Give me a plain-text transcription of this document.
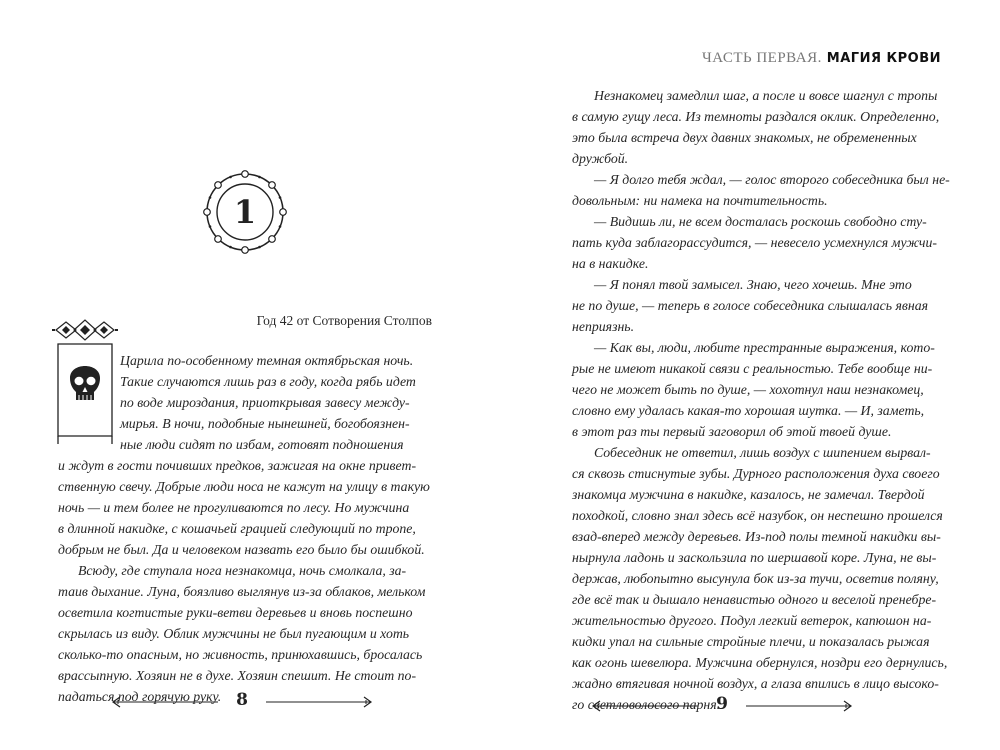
1
Год 42 от Сотворения Столпов
Царила по-особенному темная октябрьская ночь.
Такие случаются лишь раз в году, когда рябь идет
по воде мироздания, приоткрывая завесу между-
мирья. В ночи, подобные нынешней, богобоязнен-
ные люди сидят по избам, готовят подношения
и ждут в гости почивших предков, зажигая на окне привет-
ственную свечу. Добрые люди носа не кажут на улицу в такую
ночь — и тем более не прогуливаются по лесу. Но мужчина
в длинной накидке, с кошачьей грацией следующий по тропе,
добрым не был. Да и человеком назвать его было бы ошибкой.
Всюду, где ступала нога незнакомца, ночь смолкала, за-
таив дыхание. Луна, боязливо выглянув из-за облаков, мельком
осветила когтистые руки-ветви деревьев и вновь поспешно
скрылась из виду. Облик мужчины не был пугающим и хоть
сколько-то опасным, но живность, принюхавшись, бросалась
врассыпную. Хозяин не в духе. Хозяин спешит. Не стоит по-
падаться под горячую руку. 8
ЧАСТЬ ПЕРВАЯ. МАГИЯ КРОВИ
Незнакомец замедлил шаг, а после и вовсе шагнул с тропы
в самую гущу леса. Из темноты раздался оклик. Определенно,
это была встреча двух давних знакомых, не обремененных
дружбой.
— Я долго тебя ждал, — голос второго собеседника был не-
довольным: ни намека на почтительность.
— Видишь ли, не всем досталась роскошь свободно сту-
пать куда заблагорассудится, — невесело усмехнулся мужчи-
на в накидке.
— Я понял твой замысел. Знаю, чего хочешь. Мне это
не по душе, — теперь в голосе собеседника слышалась явная
неприязнь.
— Как вы, люди, любите престранные выражения, кото-
рые не имеют никакой связи с реальностью. Тебе вообще ни-
чего не может быть по душе, — хохотнул наш незнакомец,
словно ему удалась какая-то хорошая шутка. — И, заметь,
в этот раз ты первый заговорил об этой твоей душе.
Собеседник не ответил, лишь воздух с шипением вырвал-
ся сквозь стиснутые зубы. Дурного расположения духа своего
знакомца мужчина в накидке, казалось, не замечал. Твердой
походкой, словно знал здесь всё назубок, он неспешно прошелся
взад-вперед между деревьев. Из-под полы темной накидки вы-
нырнула ладонь и заскользила по шершавой коре. Луна, не вы-
держав, любопытно высунула бок из-за тучи, осветив поляну,
где всё так и дышало ненавистью одного и веселой пренебре-
жительностью другого. Подул легкий ветерок, капюшон на-
кидки упал на сильные стройные плечи, и показалась рыжая
как огонь шевелюра. Мужчина обернулся, ноздри его дернулись,
жадно втягивая ночной воздух, а глаза впились в лицо высоко-
го светловолосого парня.
9
